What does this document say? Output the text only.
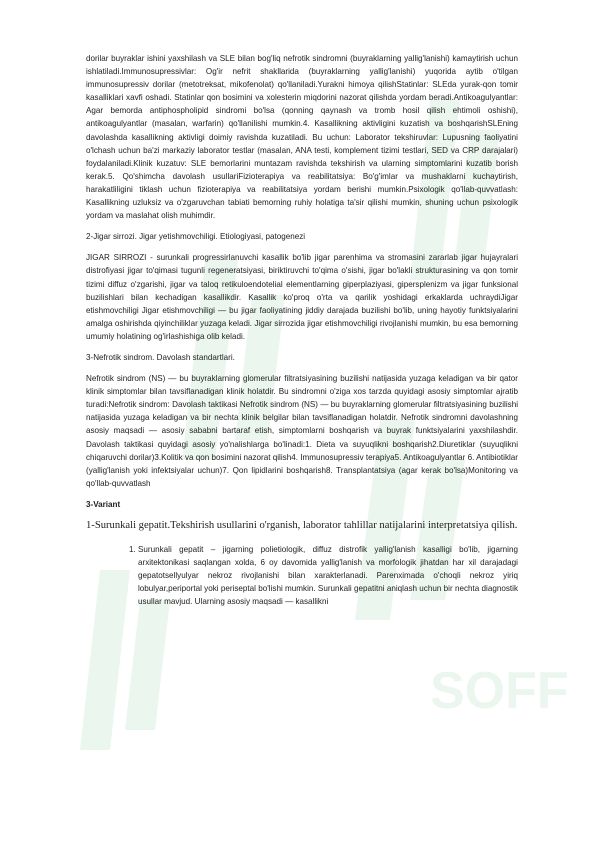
SOFF

dorilar buyraklar ishini yaxshilash va SLE bilan bog'liq nefrotik sindromni (buyraklarning yallig'lanishi) kamaytirish uchun ishlatiladi.Immunosupressivlar: Og'ir nefrit shakllarida (buyraklarning yallig'lanishi) yuqorida aytib o'tilgan immunosupressiv dorilar (metotreksat, mikofenolat) qo'llaniladi.Yurakni himoya qilishStatinlar: SLEda yurak-qon tomir kasalliklari xavfi oshadi. Statinlar qon bosimini va xolesterin miqdorini nazorat qilishda yordam beradi.Antikoagulyantlar: Agar bemorda antiphospholipid sindromi bo'lsa (qonning qaynash va tromb hosil qilish ehtimoli oshishi), antikoagulyantlar (masalan, warfarin) qo'llanilishi mumkin.4. Kasallikning aktivligini kuzatish va boshqarishSLEning davolashda kasallikning aktivligi doimiy ravishda kuzatiladi. Bu uchun: Laborator tekshiruvlar: Lupusning faoliyatini o'lchash uchun ba'zi markaziy laborator testlar (masalan, ANA testi, komplement tizimi testlari, SED va CRP darajalari) foydalaniladi.Klinik kuzatuv: SLE bemorlarini muntazam ravishda tekshirish va ularning simptomlarini kuzatib borish kerak.5. Qo'shimcha davolash usullariFizioterapiya va reabilitatsiya: Bo'g'imlar va mushaklarni kuchaytirish, harakatliligini tiklash uchun fizioterapiya va reabilitatsiya yordam berishi mumkin.Psixologik qo'llab-quvvatlash: Kasallikning uzluksiz va o'zgaruvchan tabiati bemorning ruhiy holatiga ta'sir qilishi mumkin, shuning uchun psixologik yordam va maslahat olish muhimdir.

2-Jigar sirrozi. Jigar yetishmovchiligi. Etiologiyasi, patogenezi

JIGAR SIRROZI - surunkali progressirlanuvchi kasallik bo'lib jigar parenhima va stromasini zararlab jigar hujayralari distrofiyasi jigar to'qimasi tugunli regeneratsiyasi, biriktiruvchi to'qima o'sishi, jigar bo'lakli strukturasining va qon tomir tizimi diffuz o'zgarishi, jigar va taloq retikuloendotelial elementlarning giperplaziyasi, gipersplenizm va jigar funksional buzilishlari bilan kechadigan kasallikdir. Kasallik ko'proq o'rta va qarilik yoshidagi erkaklarda uchraydiJigar etishmovchiligi Jigar etishmovchiligi — bu jigar faoliyatining jiddiy darajada buzilishi bo'lib, uning hayotiy funktsiyalarini amalga oshirishda qiyinchiliklar yuzaga keladi. Jigar sirrozida jigar etishmovchiligi rivojlanishi mumkin, bu esa bemorning umumiy holatining og'irlashishiga olib keladi.

3-Nefrotik sindrom. Davolash standartlari.

Nefrotik sindrom (NS) — bu buyraklarning glomerular filtratsiyasining buzilishi natijasida yuzaga keladigan va bir qator klinik simptomlar bilan tavsiflanadigan klinik holatdir. Bu sindromni o'ziga xos tarzda quyidagi asosiy simptomlar ajratib turadi:Nefrotik sindrom: Davolash taktikasi Nefrotik sindrom (NS) — bu buyraklarning glomerular filtratsiyasining buzilishi natijasida yuzaga keladigan va bir nechta klinik belgilar bilan tavsiflanadigan holatdir. Nefrotik sindromni davolashning asosiy maqsadi — asosiy sababni bartaraf etish, simptomlarni boshqarish va buyrak funktsiyalarini yaxshilashdir. Davolash taktikasi quyidagi asosiy yo'nalishlarga bo'linadi:1. Dieta va suyuqlikni boshqarish2.Diuretiklar (suyuqlikni chiqaruvchi dorilar)3.Kolitik va qon bosimini nazorat qilish4. Immunosupressiv terapiya5. Antikoagulyantlar 6. Antibiotiklar (yallig'lanish yoki infektsiyalar uchun)7. Qon lipidlarini boshqarish8. Transplantatsiya (agar kerak bo'lsa)Monitoring va qo'llab-quvvatlash

3-Variant

1-Surunkali gepatit.Tekshirish usullarini o'rganish, laborator tahlillar natijalarini interpretatsiya qilish.

1. Surunkali gepatit – jigarning polietiologik, diffuz distrofik yallig'lanish kasalligi bo'lib, jigarning arxitektonikasi saqlangan xolda, 6 oy davomida yallig'lanish va morfologik jihatdan har xil darajadagi gepatotsellyulyar nekroz rivojlanishi bilan xarakterlanadi. Parenximada o'choqli nekroz yiriq lobulyar,periportal yoki periseptal bo'lishi mumkin. Surunkali gepatitni aniqlash uchun bir nechta diagnostik usullar mavjud. Ularning asosiy maqsadi — kasallikni
